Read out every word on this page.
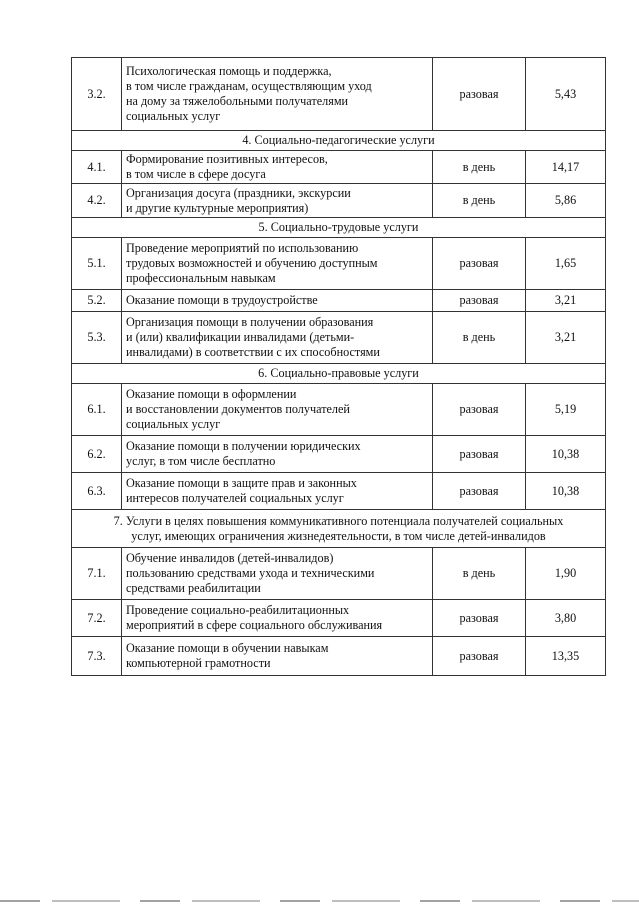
3.2.	Психологическая помощь и поддержка,
в том числе гражданам, осуществляющим уход
на дому за тяжелобольными получателями
социальных услуг	разовая	5,43

4. Социально-педагогические услуги			

4.1.	Формирование позитивных интересов,
в том числе в сфере досуга	в день	14,17
4.2.	Организация досуга (праздники, экскурсии
и другие культурные мероприятия)	в день	5,86

5. Социально-трудовые услуги			

5.1.	Проведение мероприятий по использованию
трудовых возможностей и обучению доступным
профессиональным навыкам	разовая	1,65
5.2.	Оказание помощи в трудоустройстве	разовая	3,21
5.3.	Организация помощи в получении образования
и (или) квалификации инвалидами (детьми-
инвалидами) в соответствии с их способностями	в день	3,21

6. Социально-правовые услуги			

6.1.	Оказание помощи в оформлении
и восстановлении документов получателей
социальных услуг	разовая	5,19
6.2.	Оказание помощи в получении юридических
услуг, в том числе бесплатно	разовая	10,38
6.3.	Оказание помощи в защите прав и законных
интересов получателей социальных услуг	разовая	10,38

7. Услуги в целях повышения коммуникативного потенциала получателей социальных
услуг, имеющих ограничения жизнедеятельности, в том числе детей-инвалидов			

7.1.	Обучение инвалидов (детей-инвалидов)
пользованию средствами ухода и техническими
средствами реабилитации	в день	1,90
7.2.	Проведение социально-реабилитационных
мероприятий в сфере социального обслуживания	разовая	3,80
7.3.	Оказание помощи в обучении навыкам
компьютерной грамотности	разовая	13,35
